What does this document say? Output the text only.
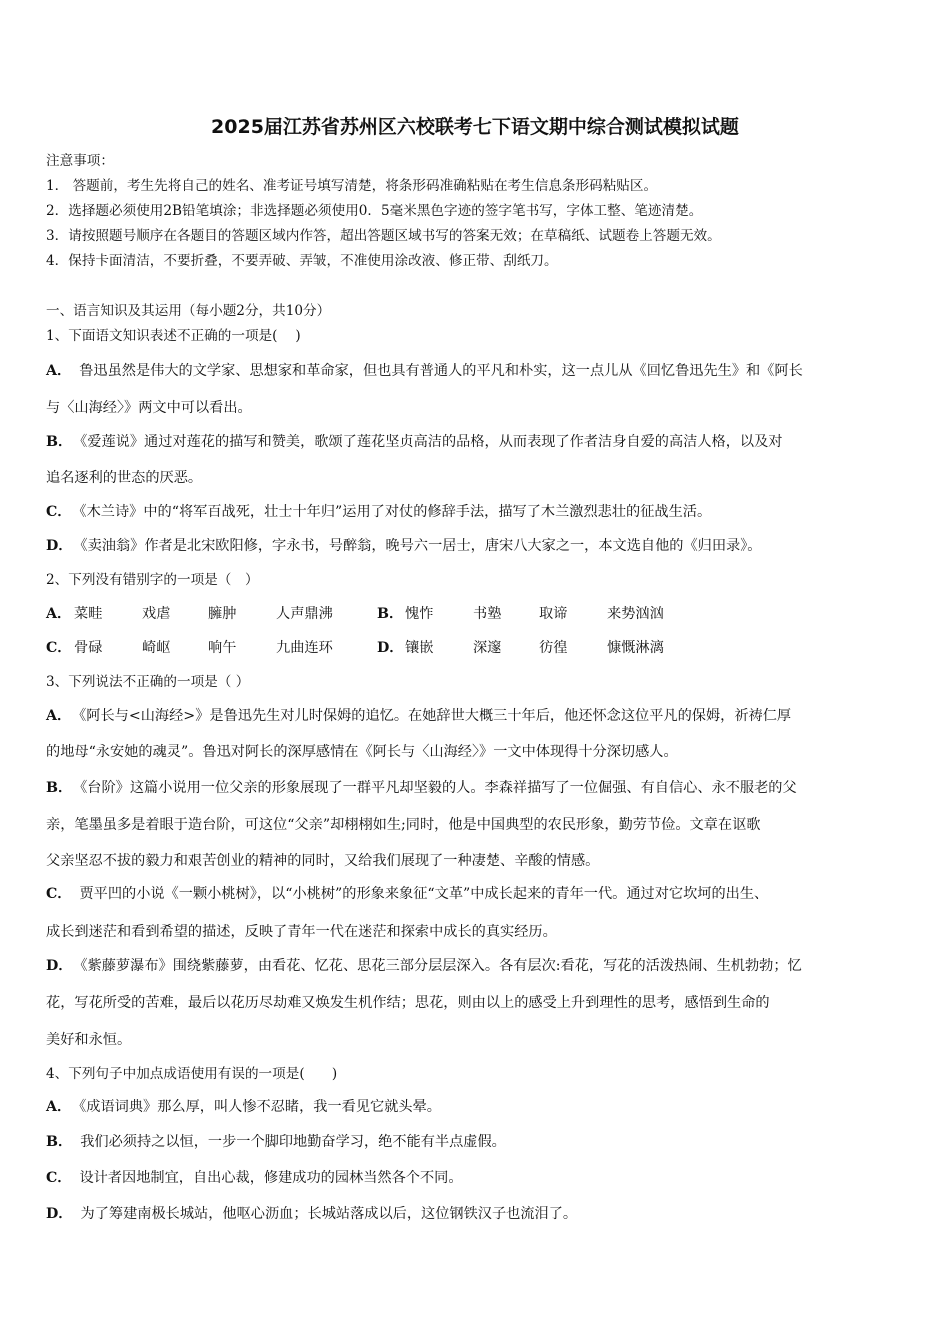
2025届江苏省苏州区六校联考七下语文期中综合测试模拟试题
注意事项：
1． 答题前，考生先将自己的姓名、准考证号填写清楚，将条形码准确粘贴在考生信息条形码粘贴区。
2．选择题必须使用2B铅笔填涂；非选择题必须使用0．5毫米黑色字迹的签字笔书写，字体工整、笔迹清楚。
3．请按照题号顺序在各题目的答题区域内作答，超出答题区域书写的答案无效；在草稿纸、试题卷上答题无效。
4．保持卡面清洁，不要折叠，不要弄破、弄皱，不准使用涂改液、修正带、刮纸刀。
一、语言知识及其运用（每小题2分，共10分）
1、下面语文知识表述不正确的一项是(　 )
A． 鲁迅虽然是伟大的文学家、思想家和革命家，但也具有普通人的平凡和朴实，这一点儿从《回忆鲁迅先生》和《阿长
与〈山海经〉》两文中可以看出。
B． 《爱莲说》通过对莲花的描写和赞美，歌颂了莲花坚贞高洁的品格，从而表现了作者洁身自爱的高洁人格，以及对
追名逐利的世态的厌恶。
C． 《木兰诗》中的“将军百战死，壮士十年归”运用了对仗的修辞手法，描写了木兰激烈悲壮的征战生活。
D． 《卖油翁》作者是北宋欧阳修，字永书，号醉翁，晚号六一居士，唐宋八大家之一，本文选自他的《归田录》。
2、下列没有错别字的一项是（　）
A． 菜畦	戏虐	臃肿	人声鼎沸	B． 愧怍	书塾	取谛	来势汹汹
C． 骨碌	崎岖	响午	九曲连环	D． 镶嵌	深邃	彷徨	慷慨淋漓
3、下列说法不正确的一项是（ ）
A． 《阿长与<山海经>》是鲁迅先生对儿时保姆的追忆。在她辞世大概三十年后，他还怀念这位平凡的保姆，祈祷仁厚
的地母“永安她的魂灵”。鲁迅对阿长的深厚感情在《阿长与〈山海经〉》一文中体现得十分深切感人。
B． 《台阶》这篇小说用一位父亲的形象展现了一群平凡却坚毅的人。李森祥描写了一位倔强、有自信心、永不服老的父
亲，笔墨虽多是着眼于造台阶，可这位“父亲”却栩栩如生;同时，他是中国典型的农民形象，勤劳节俭。文章在讴歌
父亲坚忍不拔的毅力和艰苦创业的精神的同时，又给我们展现了一种凄楚、辛酸的情感。
C． 贾平凹的小说《一颗小桃树》，以“小桃树”的形象来象征“文革”中成长起来的青年一代。通过对它坎坷的出生、
成长到迷茫和看到希望的描述，反映了青年一代在迷茫和探索中成长的真实经历。
D． 《紫藤萝瀑布》围绕紫藤萝，由看花、忆花、思花三部分层层深入。各有层次:看花，写花的活泼热闹、生机勃勃；忆
花，写花所受的苦难，最后以花历尽劫难又焕发生机作结；思花，则由以上的感受上升到理性的思考，感悟到生命的
美好和永恒。
4、下列句子中加点成语使用有误的一项是(　　)
A． 《成语词典》那么厚，叫人惨不忍睹，我一看见它就头晕。
B． 我们必须持之以恒，一步一个脚印地勤奋学习，绝不能有半点虚假。
C． 设计者因地制宜，自出心裁，修建成功的园林当然各个不同。
D． 为了筹建南极长城站，他呕心沥血；长城站落成以后，这位钢铁汉子也流泪了。
